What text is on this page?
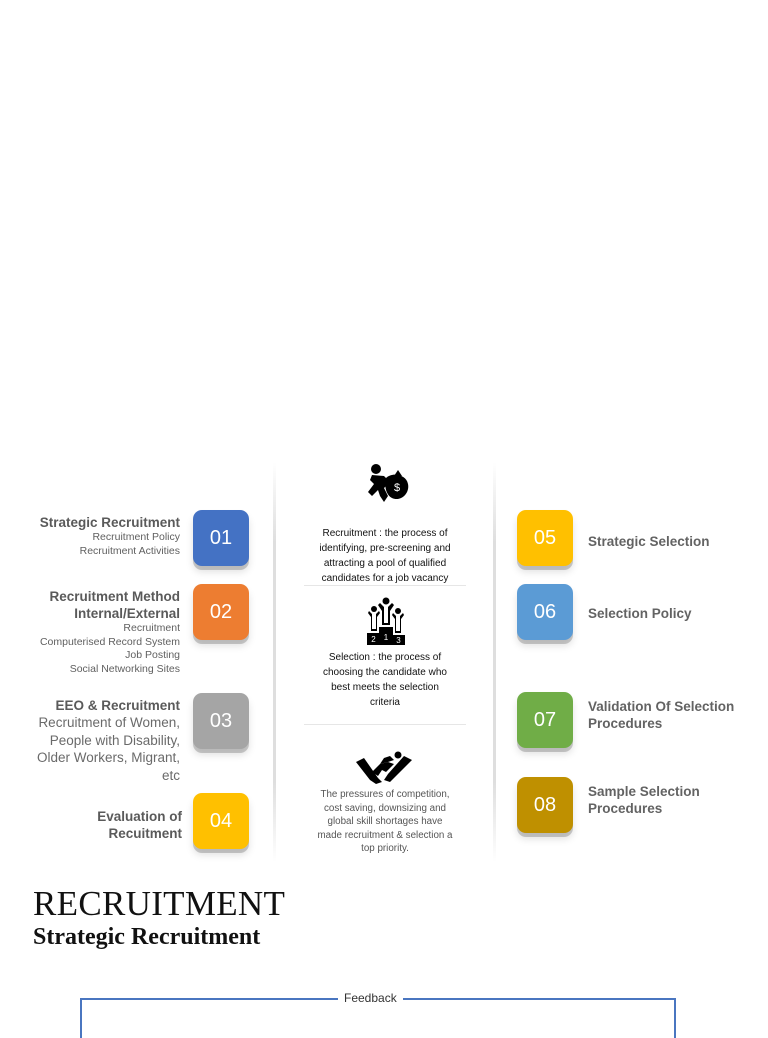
Strategic Recruitment
Recruitment Policy
Recruitment Activities
Recruitment Method
Internal/External
Recruitment
Computerised Record System
Job Posting
Social Networking Sites
EEO & Recruitment
Recruitment of Women,
People with Disability,
Older Workers, Migrant,
etc
Evaluation of
Recuitment
01
02
03
04
05
06
07
08
Strategic Selection
Selection Policy
Validation Of Selection
Procedures
Sample Selection
Procedures
$
Recruitment : the process of
identifying, pre-screening and
attracting a pool of qualified
candidates for a job vacancy
1
2	3
Selection : the process of
choosing the candidate who
best meets the selection
criteria
The pressures of competition,
cost saving, downsizing and
global skill shortages have
made recruitment & selection a
top priority.
RECRUITMENT
Strategic Recruitment
Feedback
